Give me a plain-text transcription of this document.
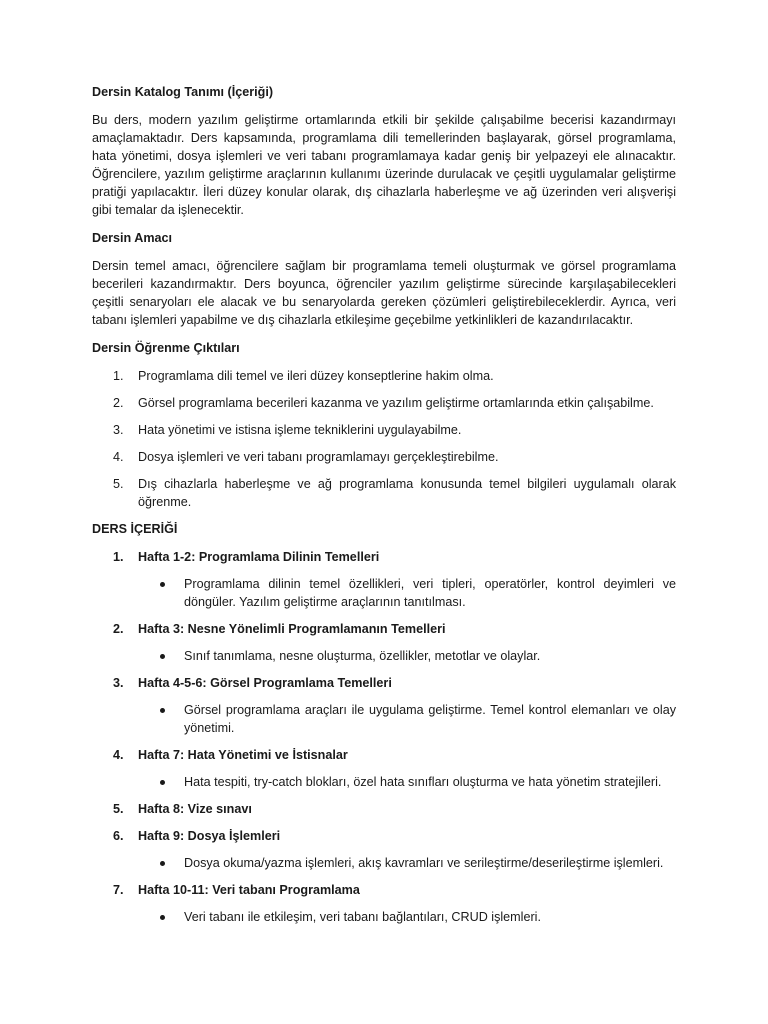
Dersin Katalog Tanımı (İçeriği)

Bu ders, modern yazılım geliştirme ortamlarında etkili bir şekilde çalışabilme becerisi kazandırmayı amaçlamaktadır. Ders kapsamında, programlama dili temellerinden başlayarak, görsel programlama, hata yönetimi, dosya işlemleri ve veri tabanı programlamaya kadar geniş bir yelpazeyi ele alınacaktır. Öğrencilere, yazılım geliştirme araçlarının kullanımı üzerinde durulacak ve çeşitli uygulamalar geliştirme pratiği yapılacaktır. İleri düzey konular olarak, dış cihazlarla haberleşme ve ağ üzerinden veri alışverişi gibi temalar da işlenecektir.

Dersin Amacı

Dersin temel amacı, öğrencilere sağlam bir programlama temeli oluşturmak ve görsel programlama becerileri kazandırmaktır. Ders boyunca, öğrenciler yazılım geliştirme sürecinde karşılaşabilecekleri çeşitli senaryoları ele alacak ve bu senaryolarda gereken çözümleri geliştirebileceklerdir. Ayrıca, veri tabanı işlemleri yapabilme ve dış cihazlarla etkileşime geçebilme yetkinlikleri de kazandırılacaktır.

Dersin Öğrenme Çıktıları

1. Programlama dili temel ve ileri düzey konseptlerine hakim olma.
2. Görsel programlama becerileri kazanma ve yazılım geliştirme ortamlarında etkin çalışabilme.
3. Hata yönetimi ve istisna işleme tekniklerini uygulayabilme.
4. Dosya işlemleri ve veri tabanı programlamayı gerçekleştirebilme.
5. Dış cihazlarla haberleşme ve ağ programlama konusunda temel bilgileri uygulamalı olarak öğrenme.

DERS İÇERİĞİ

1. Hafta 1-2: Programlama Dilinin Temelleri
Programlama dilinin temel özellikleri, veri tipleri, operatörler, kontrol deyimleri ve döngüler. Yazılım geliştirme araçlarının tanıtılması.
2. Hafta 3: Nesne Yönelimli Programlamanın Temelleri
Sınıf tanımlama, nesne oluşturma, özellikler, metotlar ve olaylar.
3. Hafta 4-5-6: Görsel Programlama Temelleri
Görsel programlama araçları ile uygulama geliştirme. Temel kontrol elemanları ve olay yönetimi.
4. Hafta 7: Hata Yönetimi ve İstisnalar
Hata tespiti, try-catch blokları, özel hata sınıfları oluşturma ve hata yönetim stratejileri.
5. Hafta 8: Vize sınavı
6. Hafta 9: Dosya İşlemleri
Dosya okuma/yazma işlemleri, akış kavramları ve serileştirme/deserileştirme işlemleri.
7. Hafta 10-11: Veri tabanı Programlama
Veri tabanı ile etkileşim, veri tabanı bağlantıları, CRUD işlemleri.
